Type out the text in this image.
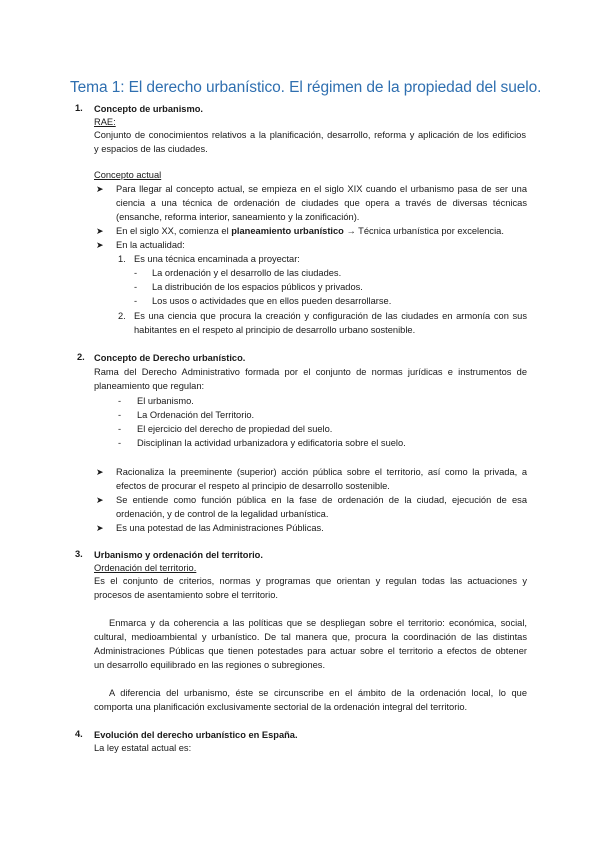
Tema 1: El derecho urbanístico. El régimen de la propiedad del suelo.
1. Concepto de urbanismo.
RAE:
Conjunto de conocimientos relativos a la planificación, desarrollo, reforma y aplicación de los edificios
y espacios de las ciudades.
Concepto actual
➤ Para llegar al concepto actual, se empieza en el siglo XIX cuando el urbanismo pasa de ser una
ciencia a una técnica de ordenación de ciudades que opera a través de diversas técnicas
(ensanche, reforma interior, saneamiento y la zonificación).
➤ En el siglo XX, comienza el planeamiento urbanístico → Técnica urbanística por excelencia.
➤ En la actualidad:
1. Es una técnica encaminada a proyectar:
- La ordenación y el desarrollo de las ciudades.
- La distribución de los espacios públicos y privados.
- Los usos o actividades que en ellos pueden desarrollarse.
2. Es una ciencia que procura la creación y configuración de las ciudades en armonía con sus
habitantes en el respeto al principio de desarrollo urbano sostenible.
2. Concepto de Derecho urbanístico.
Rama del Derecho Administrativo formada por el conjunto de normas jurídicas e instrumentos de
planeamiento que regulan:
- El urbanismo.
- La Ordenación del Territorio.
- El ejercicio del derecho de propiedad del suelo.
- Disciplinan la actividad urbanizadora y edificatoria sobre el suelo.
➤ Racionaliza la preeminente (superior) acción pública sobre el territorio, así como la privada, a
efectos de procurar el respeto al principio de desarrollo sostenible.
➤ Se entiende como función pública en la fase de ordenación de la ciudad, ejecución de esa
ordenación, y de control de la legalidad urbanística.
➤ Es una potestad de las Administraciones Públicas.
3. Urbanismo y ordenación del territorio.
Ordenación del territorio.
Es el conjunto de criterios, normas y programas que orientan y regulan todas las actuaciones y
procesos de asentamiento sobre el territorio.
Enmarca y da coherencia a las políticas que se despliegan sobre el territorio: económica, social,
cultural, medioambiental y urbanístico. De tal manera que, procura la coordinación de las distintas
Administraciones Públicas que tienen potestades para actuar sobre el territorio a efectos de obtener
un desarrollo equilibrado en las regiones o subregiones.
A diferencia del urbanismo, éste se circunscribe en el ámbito de la ordenación local, lo que
comporta una planificación exclusivamente sectorial de la ordenación integral del territorio.
4. Evolución del derecho urbanístico en España.
La ley estatal actual es:
